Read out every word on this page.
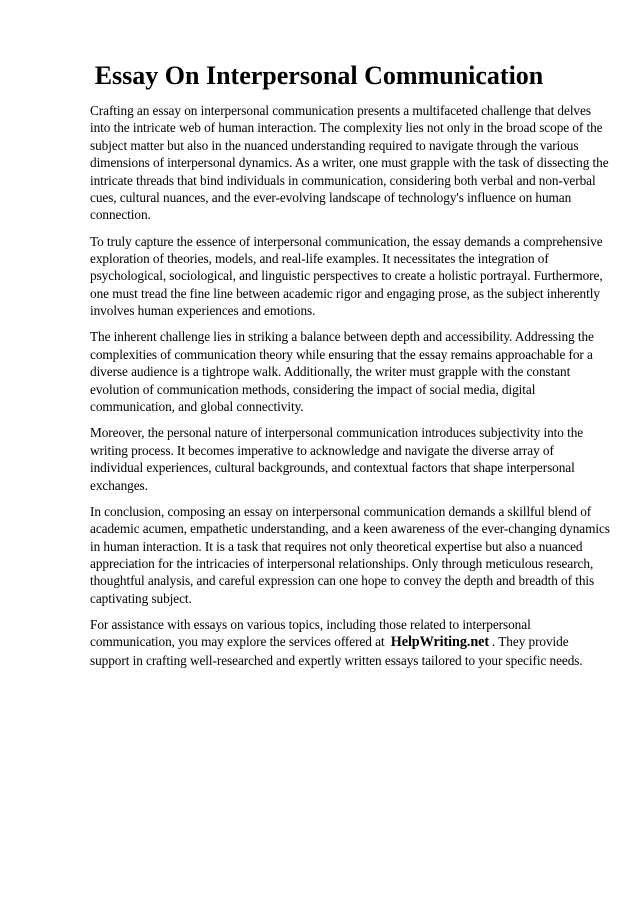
Essay On Interpersonal Communication

Crafting an essay on interpersonal communication presents a multifaceted challenge that delves into the intricate web of human interaction. The complexity lies not only in the broad scope of the subject matter but also in the nuanced understanding required to navigate through the various dimensions of interpersonal dynamics. As a writer, one must grapple with the task of dissecting the intricate threads that bind individuals in communication, considering both verbal and non-verbal cues, cultural nuances, and the ever-evolving landscape of technology's influence on human connection.

To truly capture the essence of interpersonal communication, the essay demands a comprehensive exploration of theories, models, and real-life examples. It necessitates the integration of psychological, sociological, and linguistic perspectives to create a holistic portrayal. Furthermore, one must tread the fine line between academic rigor and engaging prose, as the subject inherently involves human experiences and emotions.

The inherent challenge lies in striking a balance between depth and accessibility. Addressing the complexities of communication theory while ensuring that the essay remains approachable for a diverse audience is a tightrope walk. Additionally, the writer must grapple with the constant evolution of communication methods, considering the impact of social media, digital communication, and global connectivity.

Moreover, the personal nature of interpersonal communication introduces subjectivity into the writing process. It becomes imperative to acknowledge and navigate the diverse array of individual experiences, cultural backgrounds, and contextual factors that shape interpersonal exchanges.

In conclusion, composing an essay on interpersonal communication demands a skillful blend of academic acumen, empathetic understanding, and a keen awareness of the ever-changing dynamics in human interaction. It is a task that requires not only theoretical expertise but also a nuanced appreciation for the intricacies of interpersonal relationships. Only through meticulous research, thoughtful analysis, and careful expression can one hope to convey the depth and breadth of this captivating subject.

For assistance with essays on various topics, including those related to interpersonal communication, you may explore the services offered at HelpWriting.net . They provide support in crafting well-researched and expertly written essays tailored to your specific needs.
